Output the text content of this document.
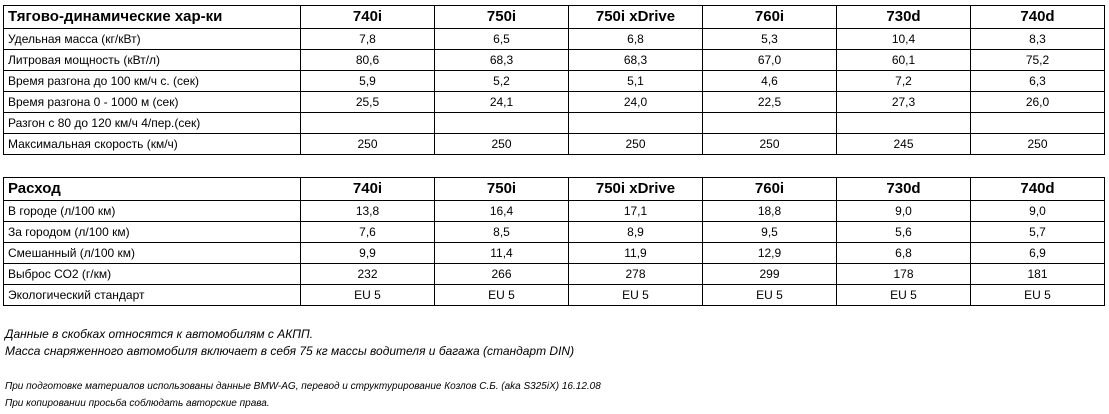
Тягово-динамические хар-ки	740i	750i	750i xDrive	760i	730d	740d
Удельная масса (кг/кВт)	7,8	6,5	6,8	5,3	10,4	8,3
Литровая мощность (кВт/л)	80,6	68,3	68,3	67,0	60,1	75,2
Время разгона до 100 км/ч с. (сек)	5,9	5,2	5,1	4,6	7,2	6,3
Время разгона 0 - 1000 м (сек)	25,5	24,1	24,0	22,5	27,3	26,0
Разгон с 80 до 120 км/ч 4/пер.(сек)						
Максимальная скорость (км/ч)	250	250	250	250	245	250
Расход	740i	750i	750i xDrive	760i	730d	740d
В городе (л/100 км)	13,8	16,4	17,1	18,8	9,0	9,0
За городом (л/100 км)	7,6	8,5	8,9	9,5	5,6	5,7
Смешанный (л/100 км)	9,9	11,4	11,9	12,9	6,8	6,9
Выброс СО2 (г/км)	232	266	278	299	178	181
Экологический стандарт	EU 5	EU 5	EU 5	EU 5	EU 5	EU 5
Данные в скобках относятся к автомобилям с АКПП.
Масса снаряженного автомобиля включает в себя 75 кг массы водителя и багажа (стандарт DIN)
При подготовке материалов использованы данные BMW-AG, перевод и структурирование Козлов С.Б. (aka S325iX) 16.12.08
При копировании просьба соблюдать авторские права.
